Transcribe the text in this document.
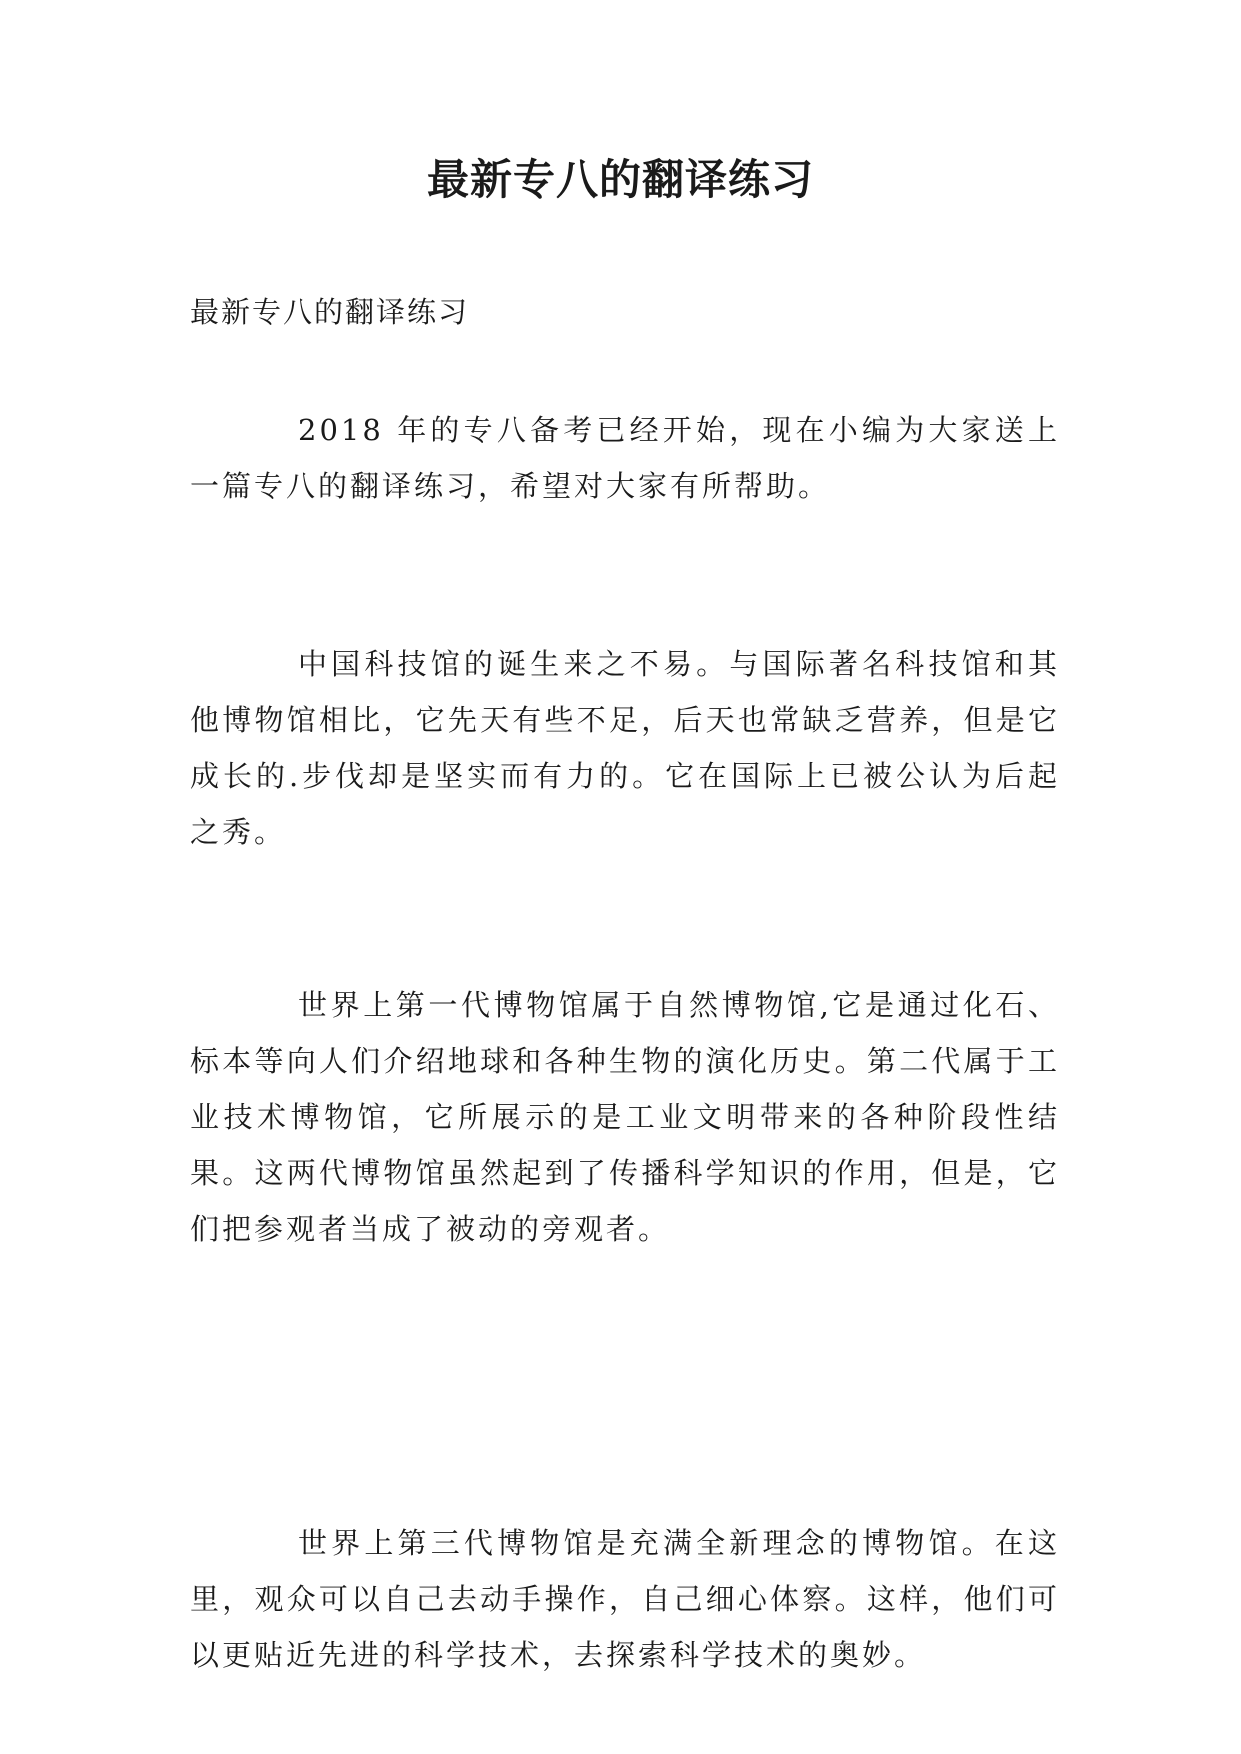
最新专八的翻译练习

最新专八的翻译练习

2018 年的专八备考已经开始，现在小编为大家送上一篇专八的翻译练习，希望对大家有所帮助。

中国科技馆的诞生来之不易。与国际著名科技馆和其他博物馆相比，它先天有些不足，后天也常缺乏营养，但是它成长的.步伐却是坚实而有力的。它在国际上已被公认为后起之秀。

世界上第一代博物馆属于自然博物馆,它是通过化石、标本等向人们介绍地球和各种生物的演化历史。第二代属于工业技术博物馆，它所展示的是工业文明带来的各种阶段性结果。这两代博物馆虽然起到了传播科学知识的作用，但是，它们把参观者当成了被动的旁观者。

世界上第三代博物馆是充满全新理念的博物馆。在这里，观众可以自己去动手操作，自己细心体察。这样，他们可以更贴近先进的科学技术，去探索科学技术的奥妙。
